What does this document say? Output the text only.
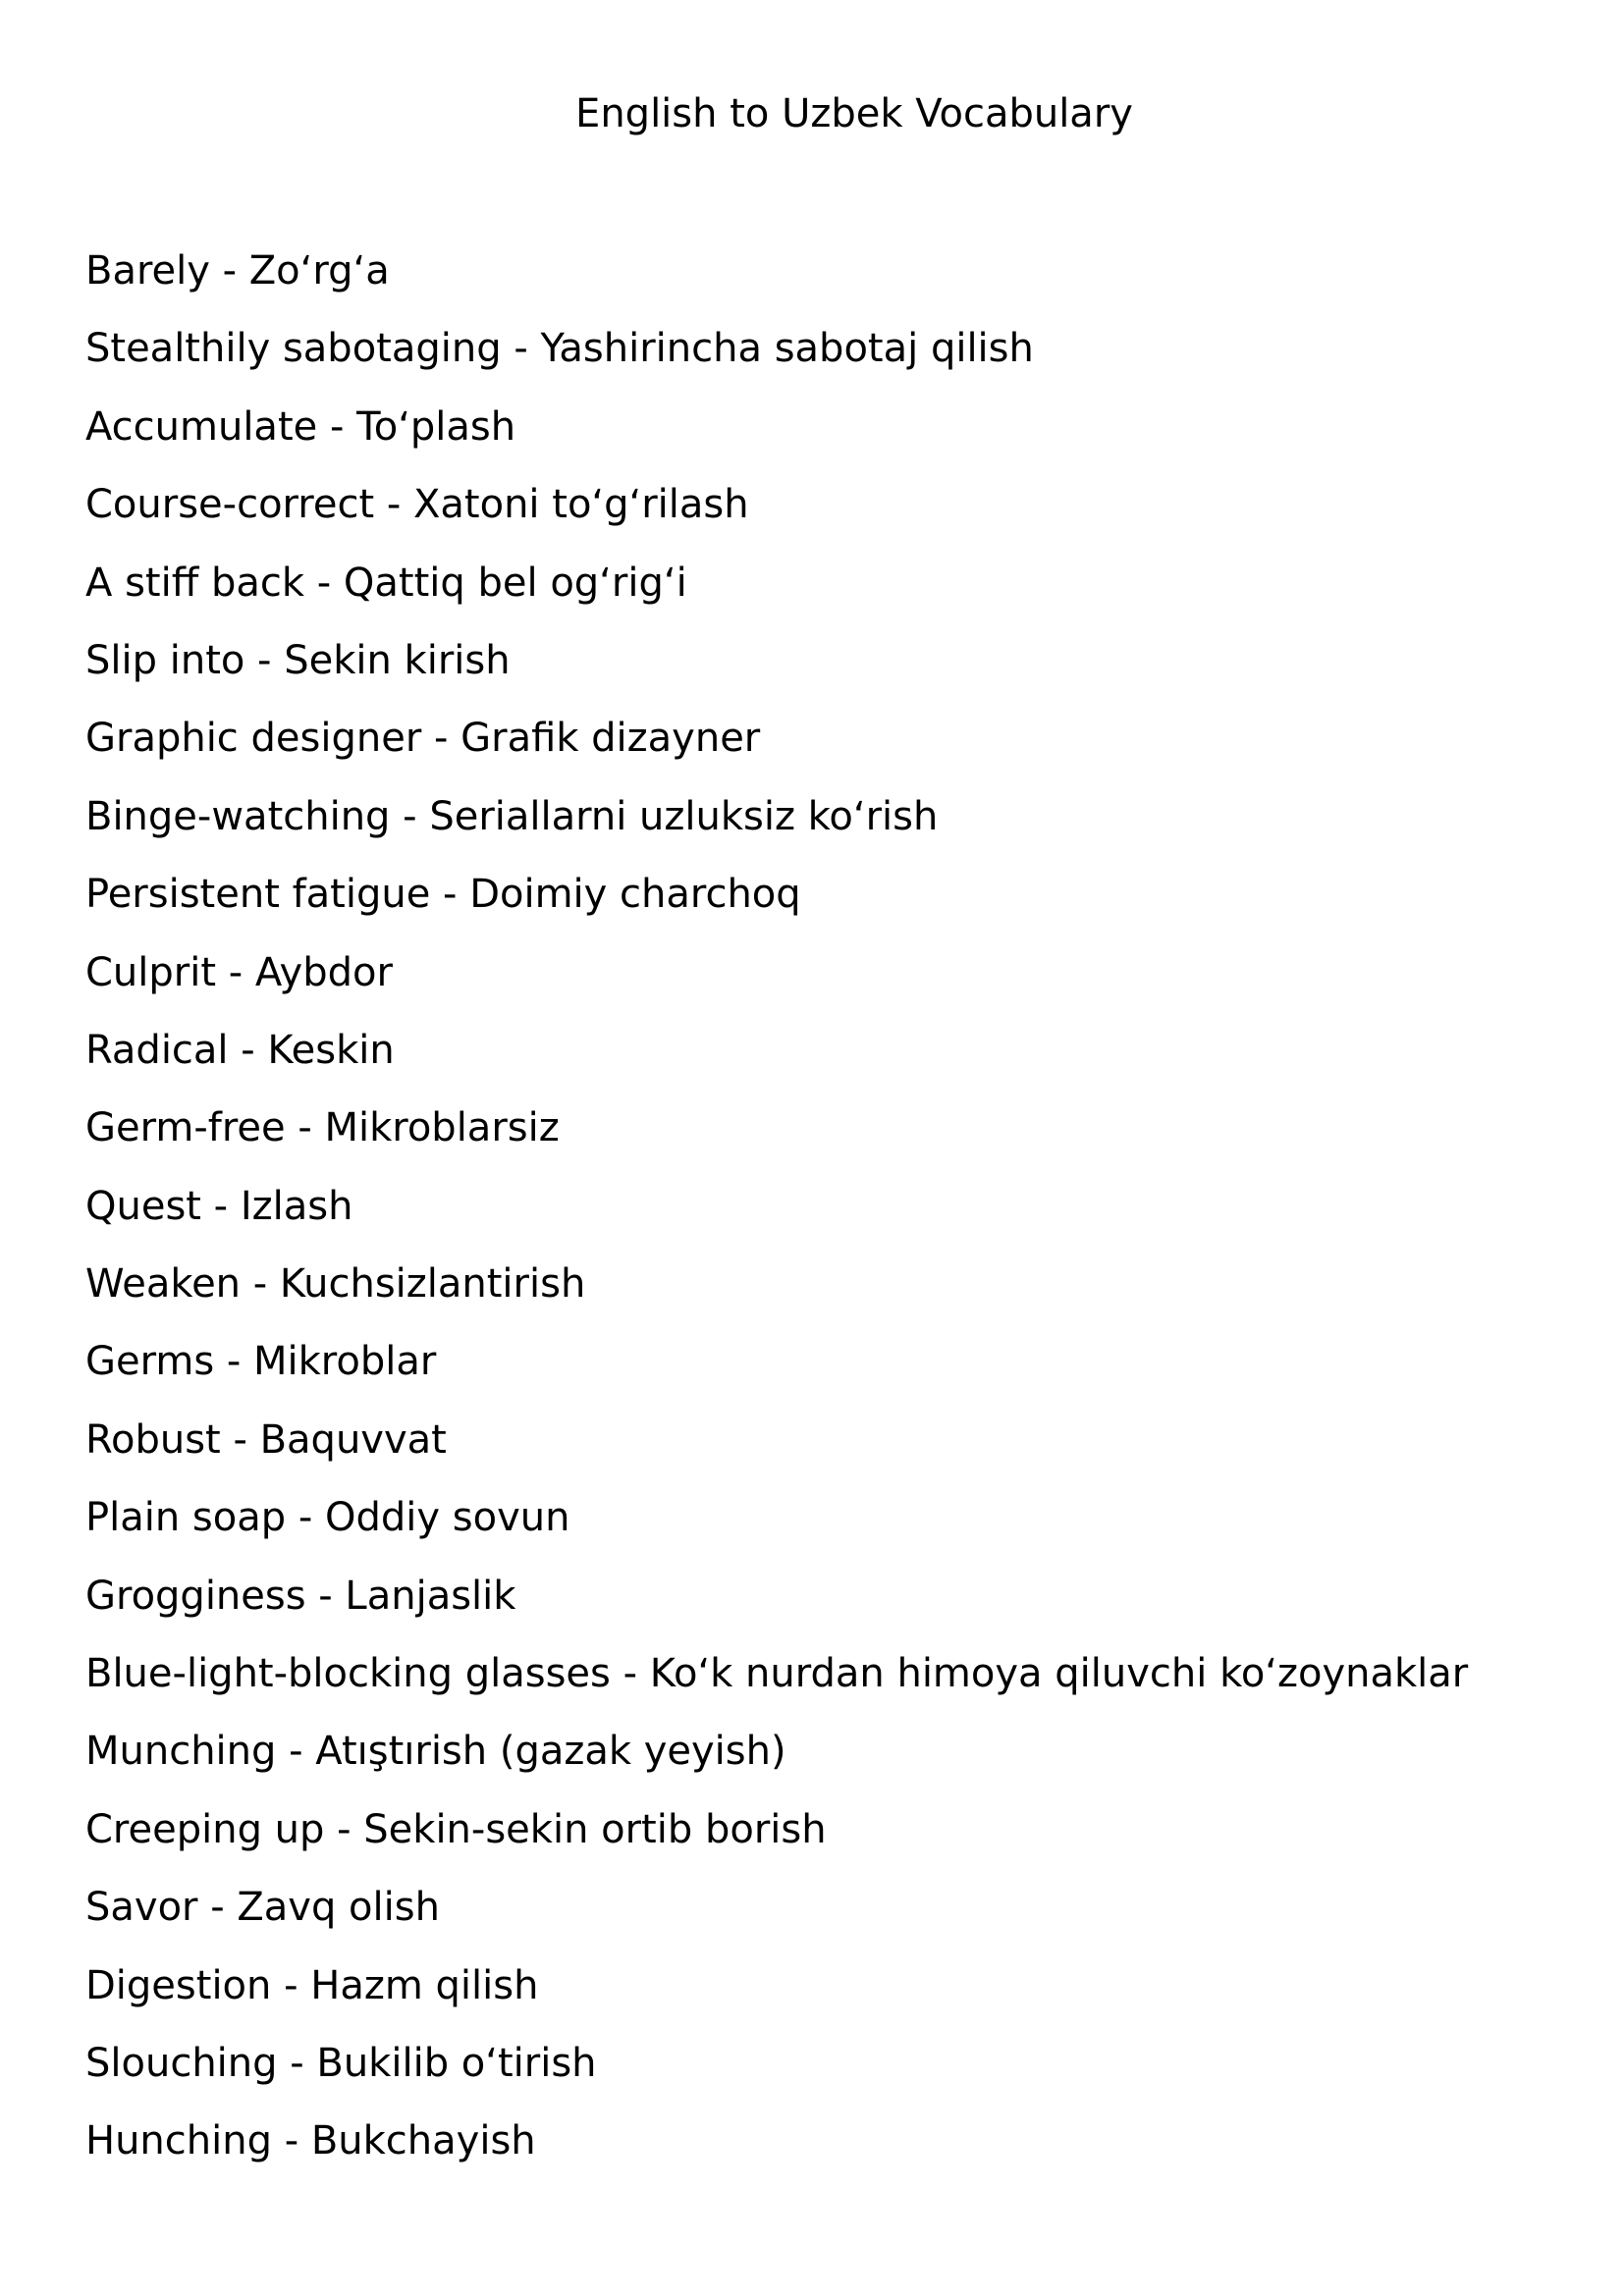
English to Uzbek Vocabulary
Barely - Zo‘rg‘a
Stealthily sabotaging - Yashirincha sabotaj qilish
Accumulate - To‘plash
Course-correct - Xatoni to‘g‘rilash
A stiff back - Qattiq bel og‘rig‘i
Slip into - Sekin kirish
Graphic designer - Grafik dizayner
Binge-watching - Seriallarni uzluksiz ko‘rish
Persistent fatigue - Doimiy charchoq
Culprit - Aybdor
Radical - Keskin
Germ-free - Mikroblarsiz
Quest - Izlash
Weaken - Kuchsizlantirish
Germs - Mikroblar
Robust - Baquvvat
Plain soap - Oddiy sovun
Grogginess - Lanjaslik
Blue-light-blocking glasses - Ko‘k nurdan himoya qiluvchi ko‘zoynaklar
Munching - Atıştırish (gazak yeyish)
Creeping up - Sekin-sekin ortib borish
Savor - Zavq olish
Digestion - Hazm qilish
Slouching - Bukilib o‘tirish
Hunching - Bukchayish
